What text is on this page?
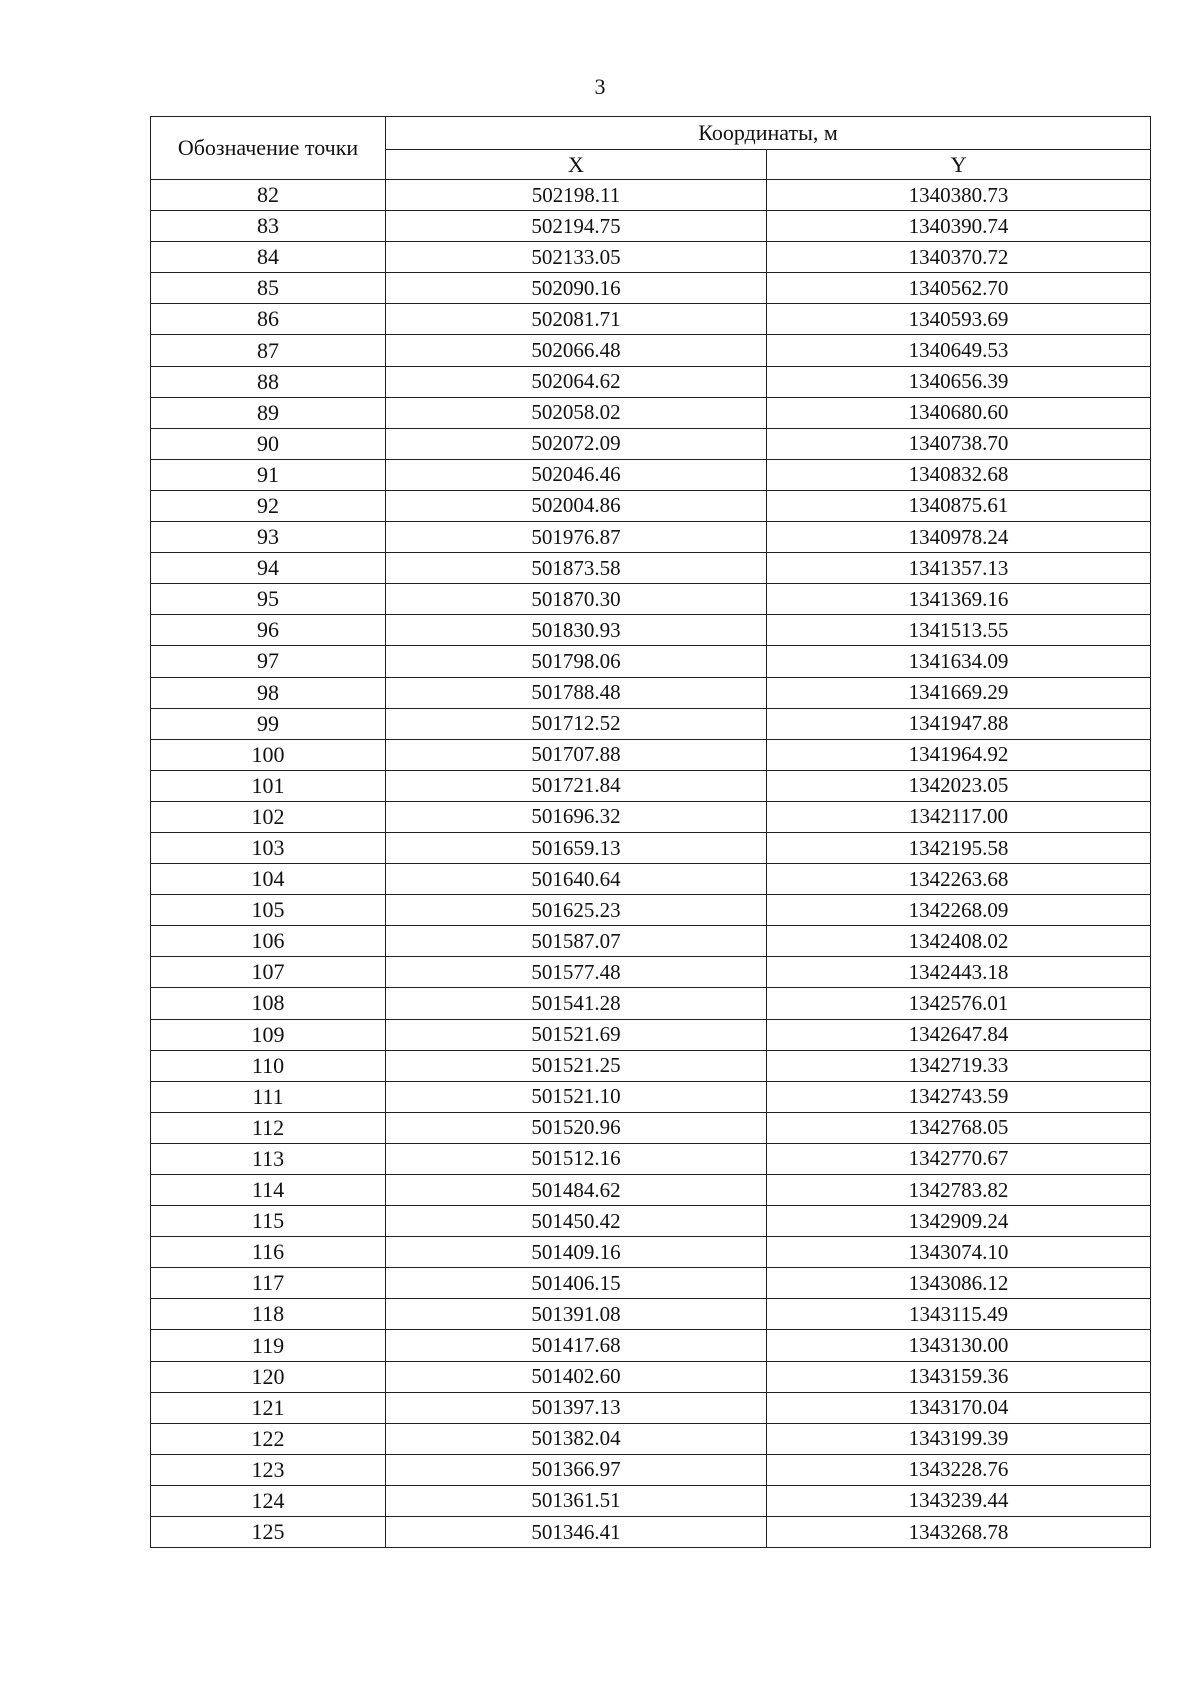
3
Обозначение точки	Координаты, м	
	X	Y
82	502198.11	1340380.73
83	502194.75	1340390.74
84	502133.05	1340370.72
85	502090.16	1340562.70
86	502081.71	1340593.69
87	502066.48	1340649.53
88	502064.62	1340656.39
89	502058.02	1340680.60
90	502072.09	1340738.70
91	502046.46	1340832.68
92	502004.86	1340875.61
93	501976.87	1340978.24
94	501873.58	1341357.13
95	501870.30	1341369.16
96	501830.93	1341513.55
97	501798.06	1341634.09
98	501788.48	1341669.29
99	501712.52	1341947.88
100	501707.88	1341964.92
101	501721.84	1342023.05
102	501696.32	1342117.00
103	501659.13	1342195.58
104	501640.64	1342263.68
105	501625.23	1342268.09
106	501587.07	1342408.02
107	501577.48	1342443.18
108	501541.28	1342576.01
109	501521.69	1342647.84
110	501521.25	1342719.33
111	501521.10	1342743.59
112	501520.96	1342768.05
113	501512.16	1342770.67
114	501484.62	1342783.82
115	501450.42	1342909.24
116	501409.16	1343074.10
117	501406.15	1343086.12
118	501391.08	1343115.49
119	501417.68	1343130.00
120	501402.60	1343159.36
121	501397.13	1343170.04
122	501382.04	1343199.39
123	501366.97	1343228.76
124	501361.51	1343239.44
125	501346.41	1343268.78
